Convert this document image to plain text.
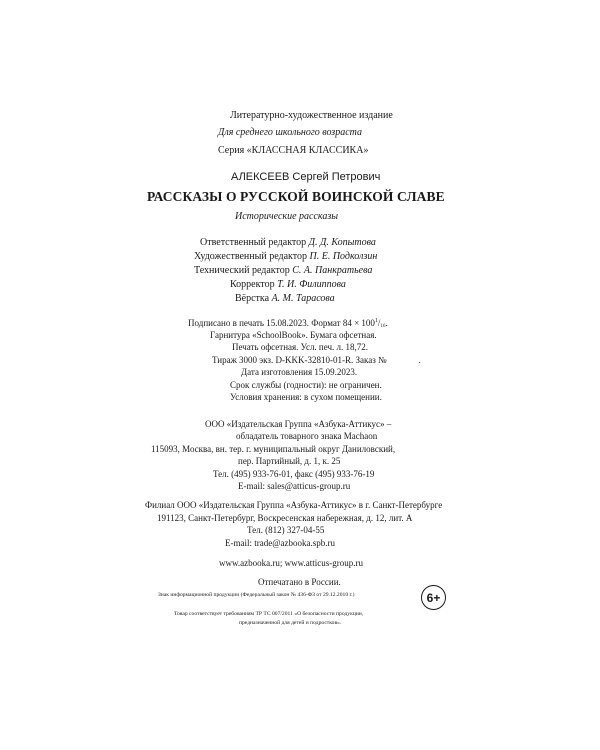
Литературно-художественное издание
Для среднего школьного возраста
Серия «КЛАССНАЯ КЛАССИКА»
АЛЕКСЕЕВ Сергей Петрович
РАССКАЗЫ О РУССКОЙ ВОИНСКОЙ СЛАВЕ
Исторические рассказы
Ответственный редактор Д. Д. Копытова
Художественный редактор П. Е. Подколзин
Технический редактор С. А. Панкратьева
Корректор Т. И. Филиппова
Вёрстка А. М. Тарасова
Подписано в печать 15.08.2023. Формат $84 \times 100^1/_{16}$.
Гарнитура «SchoolBook». Бумага офсетная.
Печать офсетная. Усл. печ. л. 18,72.
Тираж 3000 экз. D-KKK-32810-01-R. Заказ №	.
Дата изготовления 15.09.2023.
Срок службы (годности): не ограничен.
Условия хранения: в сухом помещении.
ООО «Издательская Группа «Азбука-Аттикус» –
обладатель товарного знака Machaon
115093, Москва, вн. тер. г. муниципальный округ Даниловский,
пер. Партийный, д. 1, к. 25
Тел. (495) 933-76-01, факс (495) 933-76-19
E-mail: sales@atticus-group.ru
Филиал ООО «Издательская Группа «Азбука-Аттикус» в г. Санкт-Петербурге
191123, Санкт-Петербург, Воскресенская набережная, д. 12, лит. А
Тел. (812) 327-04-55
E-mail: trade@azbooka.spb.ru
www.azbooka.ru; www.atticus-group.ru
Отпечатано в России.
Знак информационной продукции (Федеральный закон № 436-ФЗ от 29.12.2010 г.)	6+
Товар соответствует требованиям ТР ТС 007/2011 «О безопасности продукции,
предназначенной для детей и подростков».
